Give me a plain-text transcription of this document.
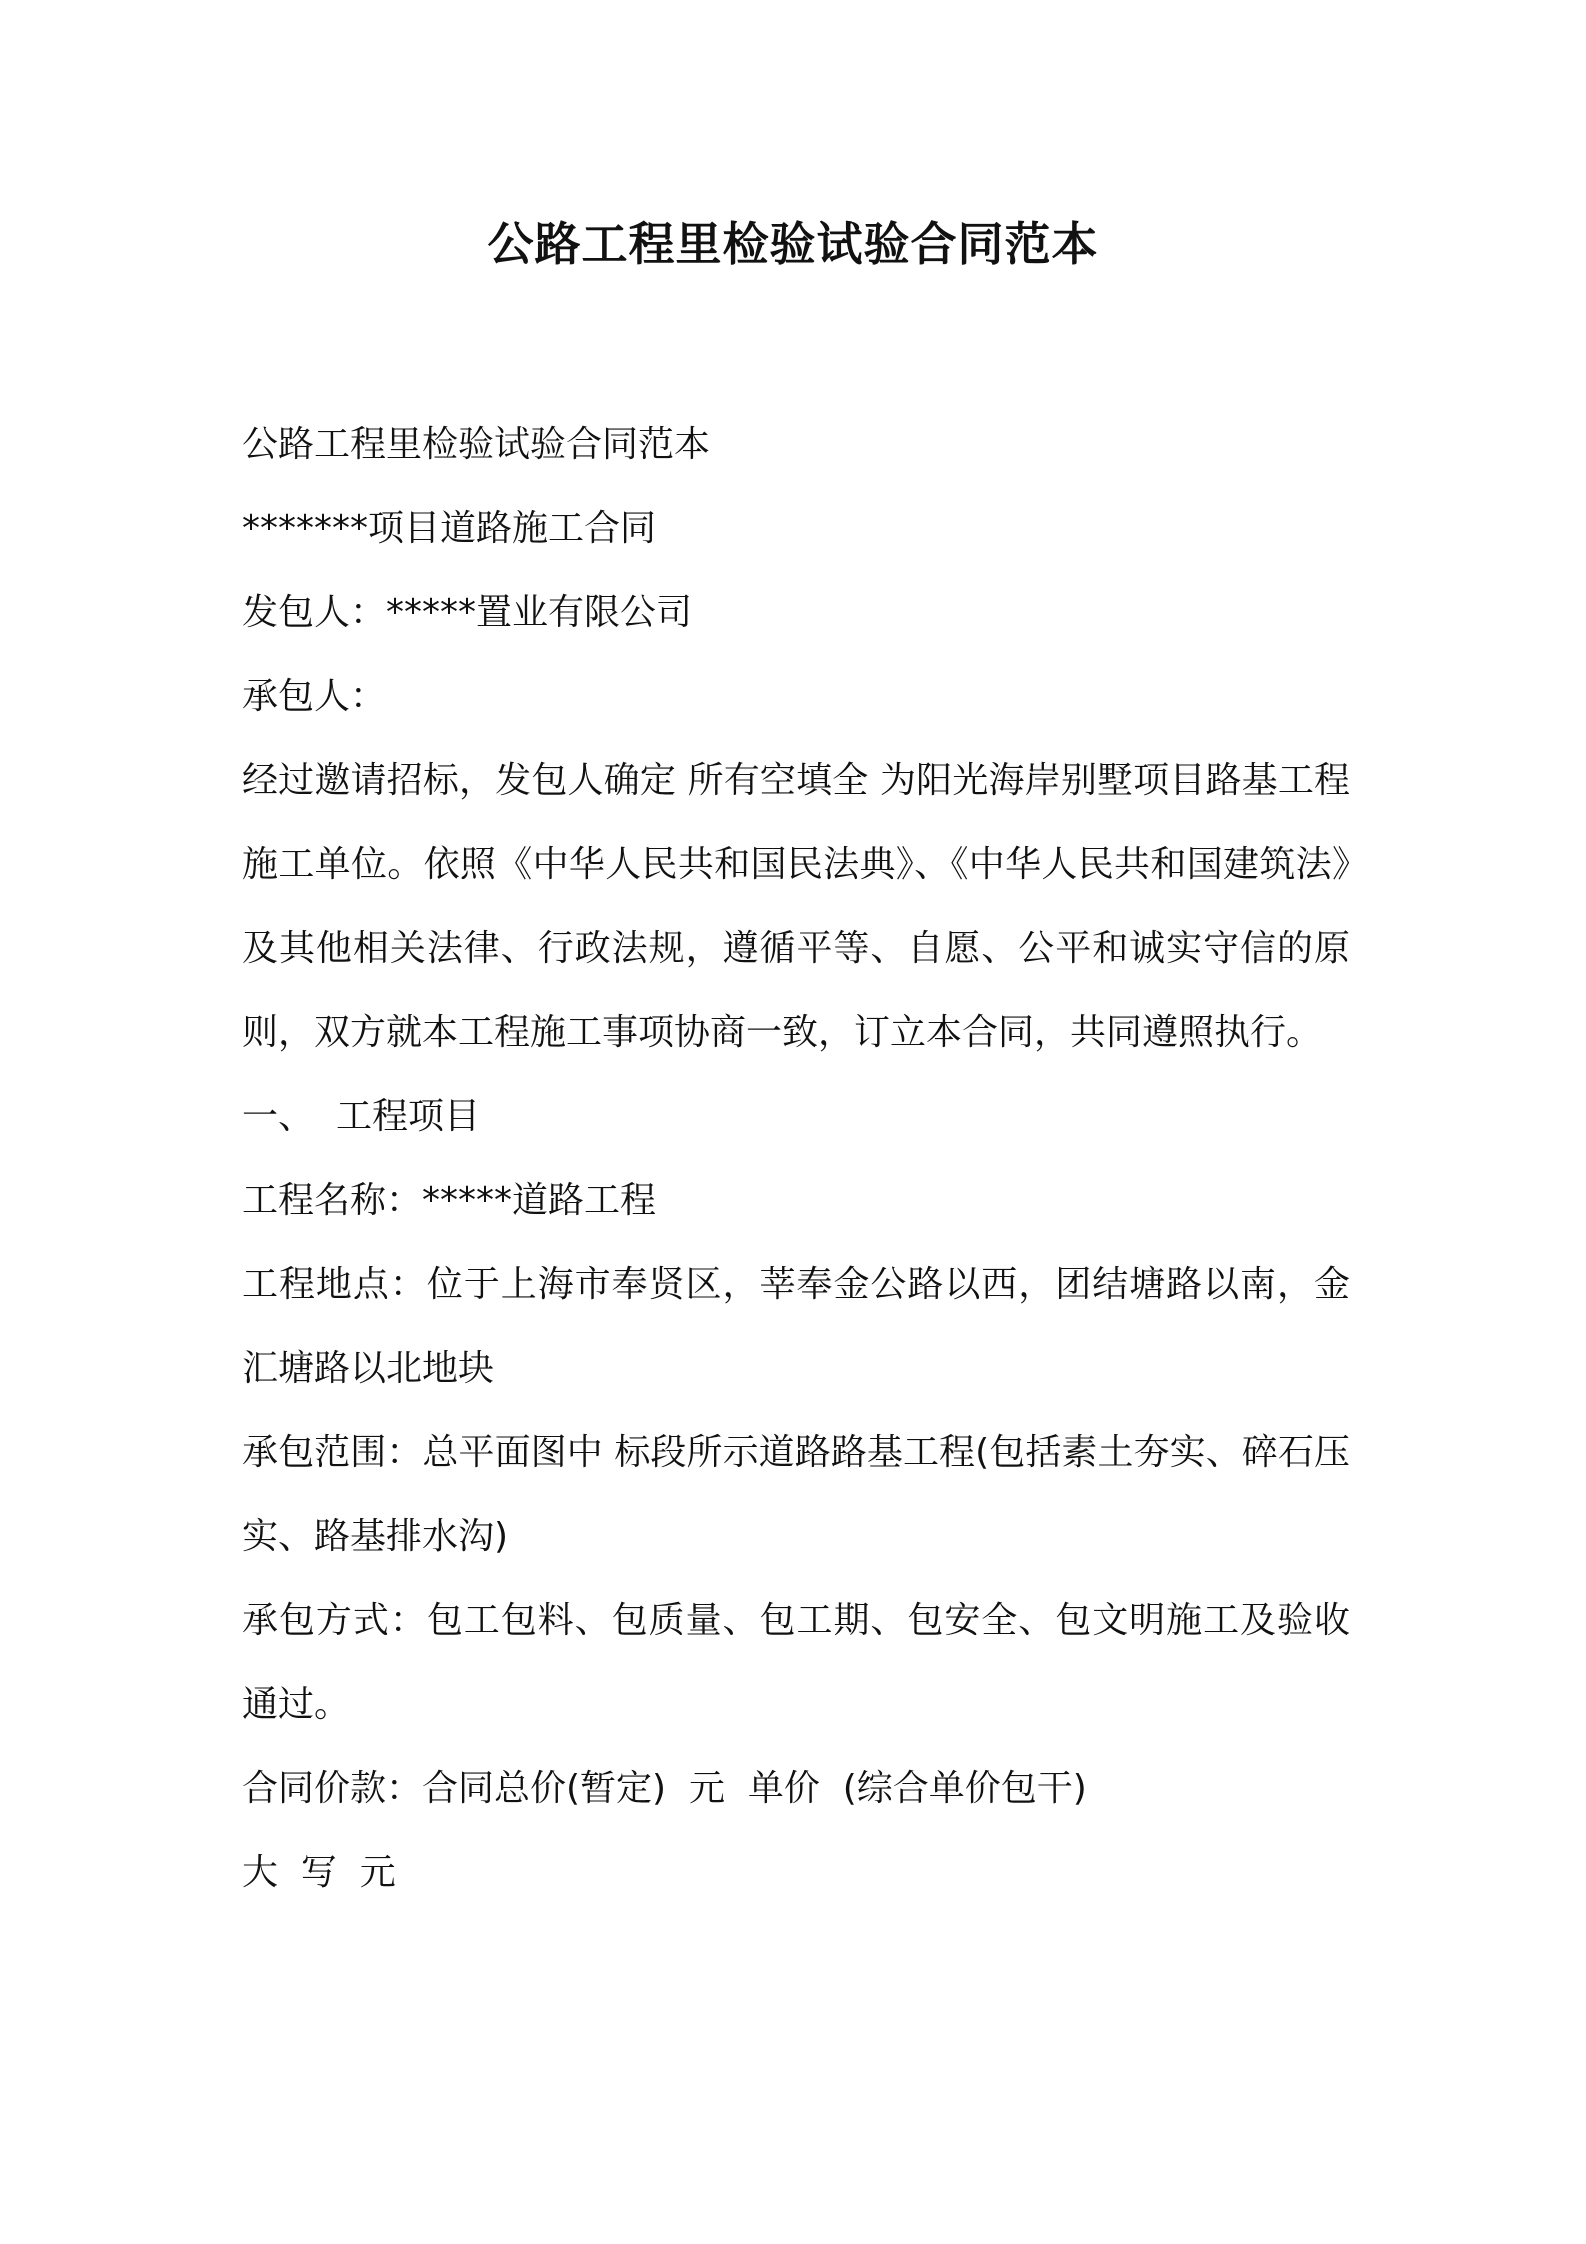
公路工程里检验试验合同范本

公路工程里检验试验合同范本

*******项目道路施工合同

发包人：*****置业有限公司

承包人：

经过邀请招标，发包人确定 所有空填全 为阳光海岸别墅项目路基工程施工单位。依照《中华人民共和国民法典》、《中华人民共和国建筑法》及其他相关法律、行政法规，遵循平等、自愿、公平和诚实守信的原则，双方就本工程施工事项协商一致，订立本合同，共同遵照执行。

一、 工程项目

工程名称：*****道路工程

工程地点：位于上海市奉贤区，莘奉金公路以西，团结塘路以南，金汇塘路以北地块

承包范围：总平面图中 标段所示道路路基工程(包括素土夯实、碎石压实、路基排水沟)

承包方式：包工包料、包质量、包工期、包安全、包文明施工及验收通过。

合同价款：合同总价(暂定)  元  单价  (综合单价包干)

大  写  元
